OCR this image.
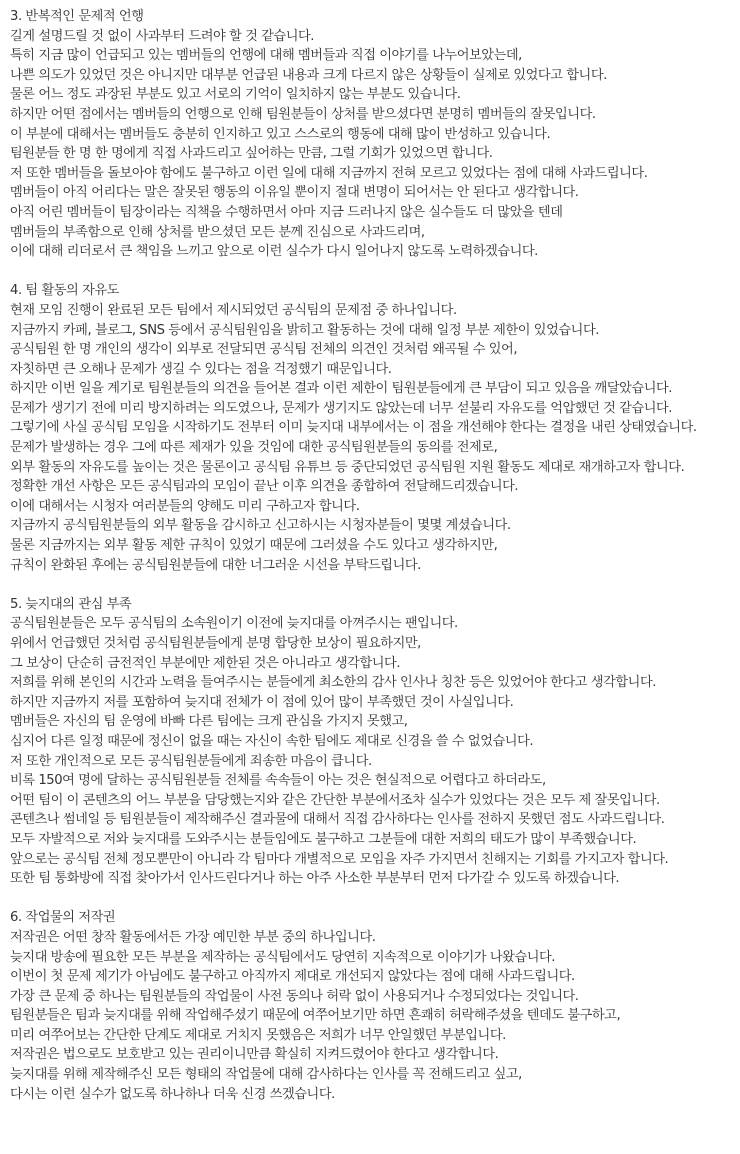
3. 반복적인 문제적 언행
길게 설명드릴 것 없이 사과부터 드려야 할 것 같습니다.
특히 지금 많이 언급되고 있는 멤버들의 언행에 대해 멤버들과 직접 이야기를 나누어보았는데,
나쁜 의도가 있었던 것은 아니지만 대부분 언급된 내용과 크게 다르지 않은 상황들이 실제로 있었다고 합니다.
물론 어느 정도 과장된 부분도 있고 서로의 기억이 일치하지 않는 부분도 있습니다.
하지만 어떤 점에서는 멤버들의 언행으로 인해 팀원분들이 상처를 받으셨다면 분명히 멤버들의 잘못입니다.
이 부분에 대해서는 멤버들도 충분히 인지하고 있고 스스로의 행동에 대해 많이 반성하고 있습니다.
팀원분들 한 명 한 명에게 직접 사과드리고 싶어하는 만큼, 그럴 기회가 있었으면 합니다.
저 또한 멤버들을 돌보아야 함에도 불구하고 이런 일에 대해 지금까지 전혀 모르고 있었다는 점에 대해 사과드립니다.
멤버들이 아직 어리다는 말은 잘못된 행동의 이유일 뿐이지 절대 변명이 되어서는 안 된다고 생각합니다.
아직 어린 멤버들이 팀장이라는 직책을 수행하면서 아마 지금 드러나지 않은 실수들도 더 많았을 텐데
멤버들의 부족함으로 인해 상처를 받으셨던 모든 분께 진심으로 사과드리며,
이에 대해 리더로서 큰 책임을 느끼고 앞으로 이런 실수가 다시 일어나지 않도록 노력하겠습니다.
4. 팀 활동의 자유도
현재 모임 진행이 완료된 모든 팀에서 제시되었던 공식팀의 문제점 중 하나입니다.
지금까지 카페, 블로그, SNS 등에서 공식팀원임을 밝히고 활동하는 것에 대해 일정 부분 제한이 있었습니다.
공식팀원 한 명 개인의 생각이 외부로 전달되면 공식팀 전체의 의견인 것처럼 왜곡될 수 있어,
자칫하면 큰 오해나 문제가 생길 수 있다는 점을 걱정했기 때문입니다.
하지만 이번 일을 계기로 팀원분들의 의견을 들어본 결과 이런 제한이 팀원분들에게 큰 부담이 되고 있음을 깨달았습니다.
문제가 생기기 전에 미리 방지하려는 의도였으나, 문제가 생기지도 않았는데 너무 섣불리 자유도를 억압했던 것 같습니다.
그렇기에 사실 공식팀 모임을 시작하기도 전부터 이미 늦지대 내부에서는 이 점을 개선해야 한다는 결정을 내린 상태였습니다.
문제가 발생하는 경우 그에 따른 제재가 있을 것임에 대한 공식팀원분들의 동의를 전제로,
외부 활동의 자유도를 높이는 것은 물론이고 공식팀 유튜브 등 중단되었던 공식팀원 지원 활동도 제대로 재개하고자 합니다.
정확한 개선 사항은 모든 공식팀과의 모임이 끝난 이후 의견을 종합하여 전달해드리겠습니다.
이에 대해서는 시청자 여러분들의 양해도 미리 구하고자 합니다.
지금까지 공식팀원분들의 외부 활동을 감시하고 신고하시는 시청자분들이 몇몇 계셨습니다.
물론 지금까지는 외부 활동 제한 규칙이 있었기 때문에 그러셨을 수도 있다고 생각하지만,
규칙이 완화된 후에는 공식팀원분들에 대한 너그러운 시선을 부탁드립니다.
5. 늦지대의 관심 부족
공식팀원분들은 모두 공식팀의 소속원이기 이전에 늦지대를 아껴주시는 팬입니다.
위에서 언급했던 것처럼 공식팀원분들에게 분명 합당한 보상이 필요하지만,
그 보상이 단순히 금전적인 부분에만 제한된 것은 아니라고 생각합니다.
저희를 위해 본인의 시간과 노력을 들여주시는 분들에게 최소한의 감사 인사나 칭찬 등은 있었어야 한다고 생각합니다.
하지만 지금까지 저를 포함하여 늦지대 전체가 이 점에 있어 많이 부족했던 것이 사실입니다.
멤버들은 자신의 팀 운영에 바빠 다른 팀에는 크게 관심을 가지지 못했고,
심지어 다른 일정 때문에 정신이 없을 때는 자신이 속한 팀에도 제대로 신경을 쓸 수 없었습니다.
저 또한 개인적으로 모든 공식팀원분들에게 죄송한 마음이 큽니다.
비록 150여 명에 달하는 공식팀원분들 전체를 속속들이 아는 것은 현실적으로 어렵다고 하더라도,
어떤 팀이 이 콘텐츠의 어느 부분을 담당했는지와 같은 간단한 부분에서조차 실수가 있었다는 것은 모두 제 잘못입니다.
콘텐츠나 썸네일 등 팀원분들이 제작해주신 결과물에 대해서 직접 감사하다는 인사를 전하지 못했던 점도 사과드립니다.
모두 자발적으로 저와 늦지대를 도와주시는 분들임에도 불구하고 그분들에 대한 저희의 태도가 많이 부족했습니다.
앞으로는 공식팀 전체 정모뿐만이 아니라 각 팀마다 개별적으로 모임을 자주 가지면서 친해지는 기회를 가지고자 합니다.
또한 팀 통화방에 직접 찾아가서 인사드린다거나 하는 아주 사소한 부분부터 먼저 다가갈 수 있도록 하겠습니다.
6. 작업물의 저작권
저작권은 어떤 창작 활동에서든 가장 예민한 부분 중의 하나입니다.
늦지대 방송에 필요한 모든 부분을 제작하는 공식팀에서도 당연히 지속적으로 이야기가 나왔습니다.
이번이 첫 문제 제기가 아님에도 불구하고 아직까지 제대로 개선되지 않았다는 점에 대해 사과드립니다.
가장 큰 문제 중 하나는 팀원분들의 작업물이 사전 동의나 허락 없이 사용되거나 수정되었다는 것입니다.
팀원분들은 팀과 늦지대를 위해 작업해주셨기 때문에 여쭈어보기만 하면 흔쾌히 허락해주셨을 텐데도 불구하고,
미리 여쭈어보는 간단한 단계도 제대로 거치지 못했음은 저희가 너무 안일했던 부분입니다.
저작권은 법으로도 보호받고 있는 권리이니만큼 확실히 지켜드렸어야 한다고 생각합니다.
늦지대를 위해 제작해주신 모든 형태의 작업물에 대해 감사하다는 인사를 꼭 전해드리고 싶고,
다시는 이런 실수가 없도록 하나하나 더욱 신경 쓰겠습니다.
